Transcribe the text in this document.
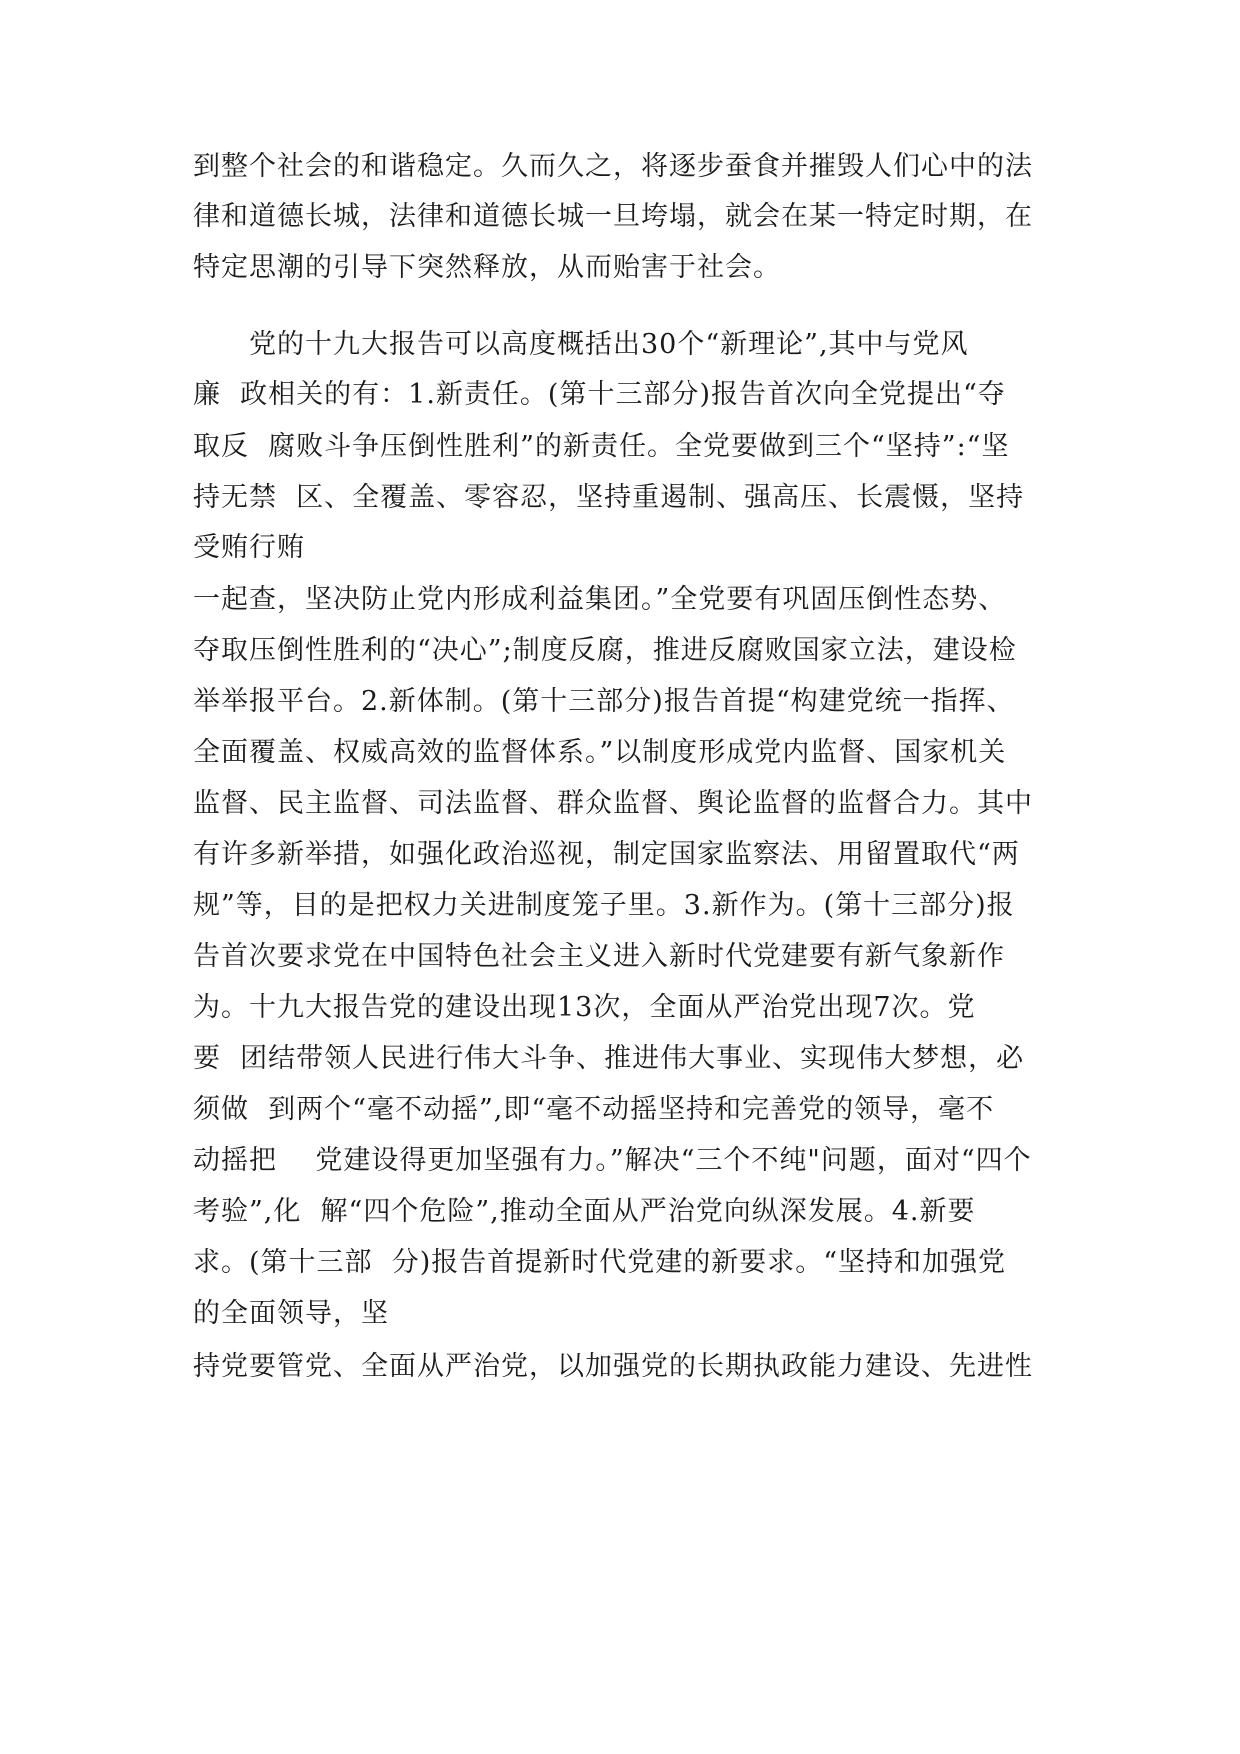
到整个社会的和谐稳定。久而久之，将逐步蚕食并摧毁人们心中的法
律和道德长城，法律和道德长城一旦垮塌，就会在某一特定时期，在
特定思潮的引导下突然释放，从而贻害于社会。
党的十九大报告可以高度概括出30个“新理论”,其中与党风
廉  政相关的有：1.新责任。(第十三部分)报告首次向全党提出“夺
取反  腐败斗争压倒性胜利”的新责任。全党要做到三个“坚持”:“坚
持无禁  区、全覆盖、零容忍，坚持重遏制、强高压、长震慑，坚持
受贿行贿
一起查，坚决防止党内形成利益集团。”全党要有巩固压倒性态势、
夺取压倒性胜利的“决心”;制度反腐，推进反腐败国家立法，建设检
举举报平台。2.新体制。(第十三部分)报告首提“构建党统一指挥、
全面覆盖、权威高效的监督体系。”以制度形成党内监督、国家机关
监督、民主监督、司法监督、群众监督、舆论监督的监督合力。其中
有许多新举措，如强化政治巡视，制定国家监察法、用留置取代“两
规”等，目的是把权力关进制度笼子里。3.新作为。(第十三部分)报
告首次要求党在中国特色社会主义进入新时代党建要有新气象新作
为。十九大报告党的建设出现13次，全面从严治党出现7次。党
要  团结带领人民进行伟大斗争、推进伟大事业、实现伟大梦想，必
须做  到两个“毫不动摇”,即“毫不动摇坚持和完善党的领导，毫不
动摇把    党建设得更加坚强有力。”解决“三个不纯"问题，面对“四个
考验”,化  解“四个危险”,推动全面从严治党向纵深发展。4.新要
求。(第十三部  分)报告首提新时代党建的新要求。“坚持和加强党
的全面领导，坚
持党要管党、全面从严治党，以加强党的长期执政能力建设、先进性
